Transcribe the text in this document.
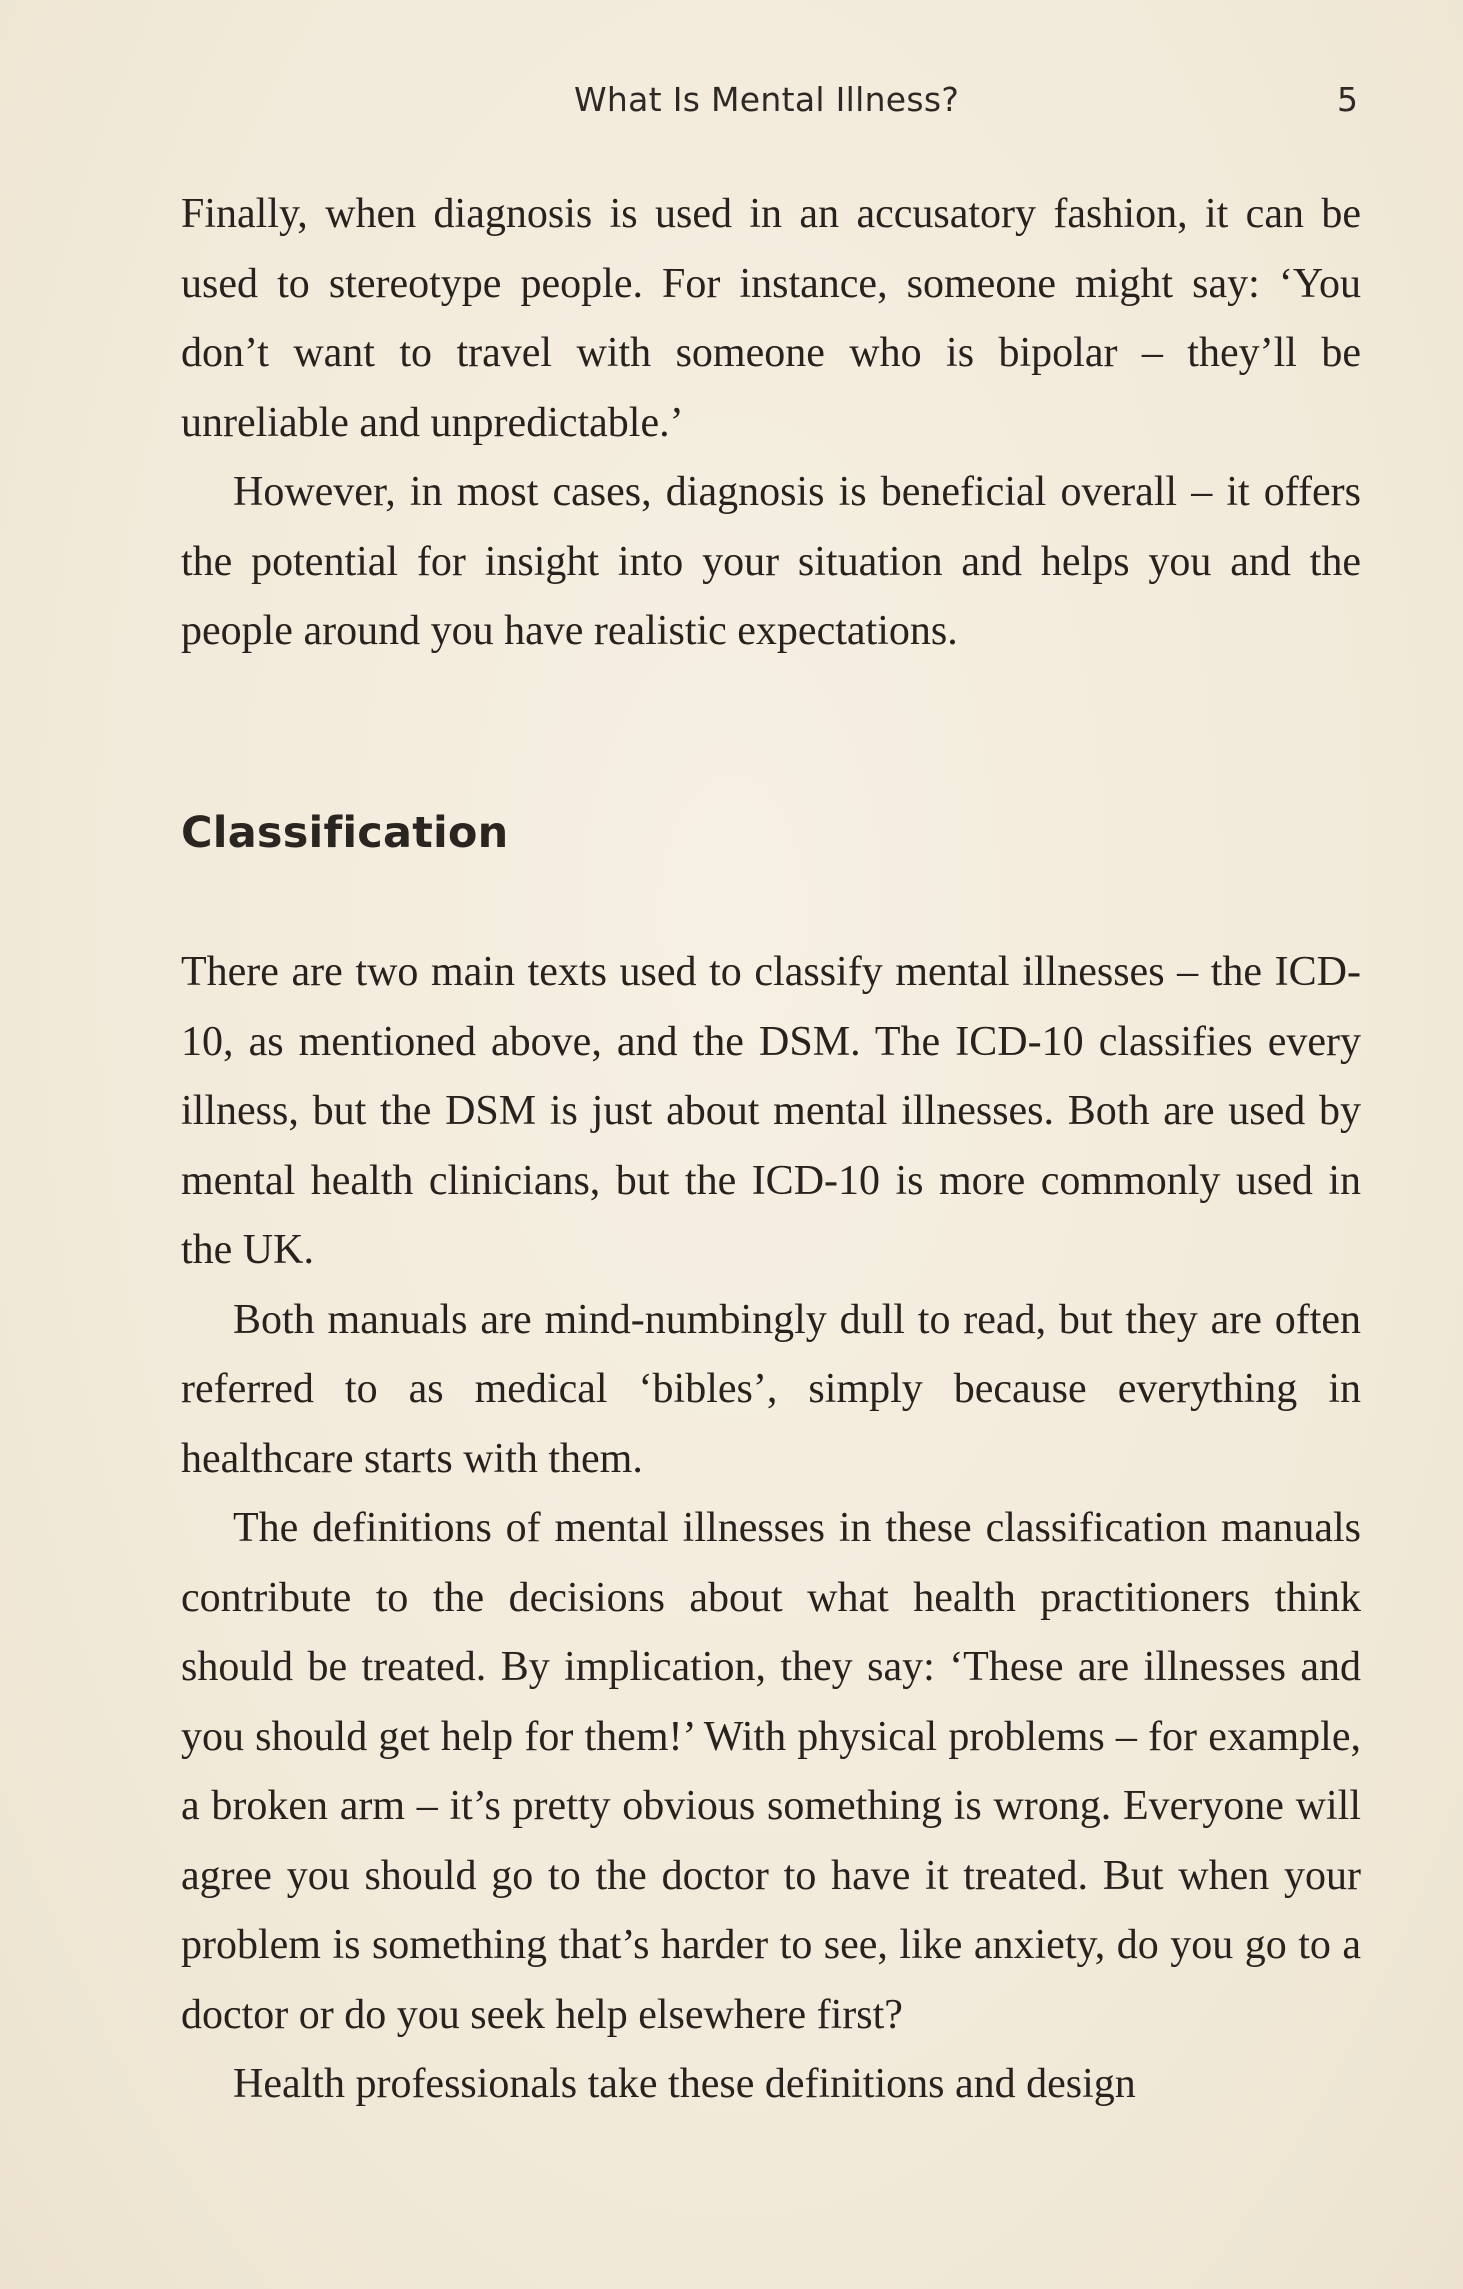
What Is Mental Illness?	5

Finally, when diagnosis is used in an accusatory fashion, it can be used to stereotype people. For instance, someone might say: ‘You don’t want to travel with someone who is bipolar – they’ll be unreliable and unpredictable.’

However, in most cases, diagnosis is beneficial overall – it offers the potential for insight into your situation and helps you and the people around you have realistic expectations.

Classification

There are two main texts used to classify mental illnesses – the ICD-10, as mentioned above, and the DSM. The ICD-10 classifies every illness, but the DSM is just about mental illnesses. Both are used by mental health clinicians, but the ICD-10 is more commonly used in the UK.

Both manuals are mind-numbingly dull to read, but they are often referred to as medical ‘bibles’, simply because everything in healthcare starts with them.

The definitions of mental illnesses in these classification manuals contribute to the decisions about what health practitioners think should be treated. By implication, they say: ‘These are illnesses and you should get help for them!’ With physical problems – for example, a broken arm – it’s pretty obvious something is wrong. Everyone will agree you should go to the doctor to have it treated. But when your problem is something that’s harder to see, like anxiety, do you go to a doctor or do you seek help elsewhere first?

Health professionals take these definitions and design
